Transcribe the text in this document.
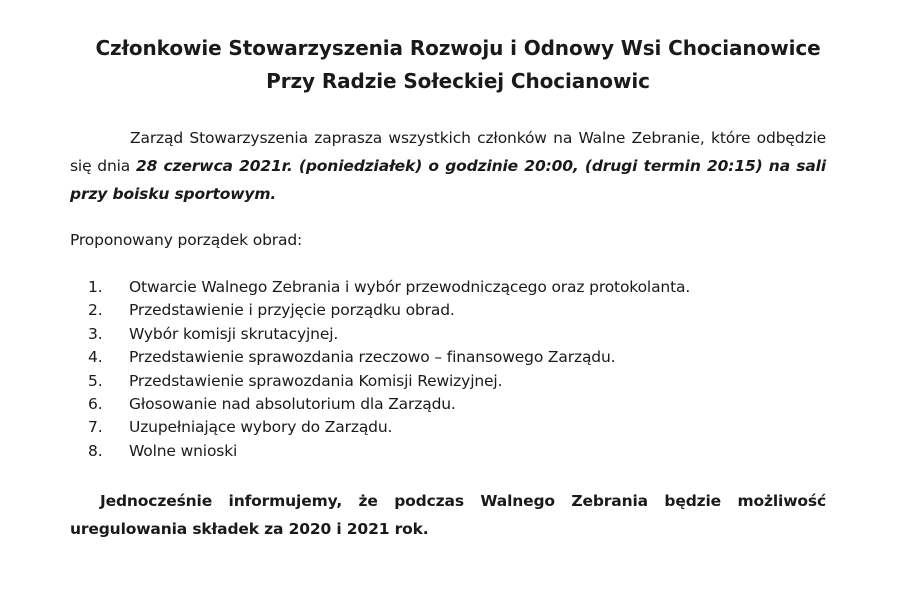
Członkowie Stowarzyszenia Rozwoju i Odnowy Wsi Chocianowice
Przy Radzie Sołeckiej Chocianowic

Zarząd Stowarzyszenia zaprasza wszystkich członków na Walne Zebranie, które odbędzie się dnia 28 czerwca 2021r. (poniedziałek) o godzinie 20:00, (drugi termin 20:15) na sali przy boisku sportowym.

Proponowany porządek obrad:
1.	Otwarcie Walnego Zebrania i wybór przewodniczącego oraz protokolanta.
2.	Przedstawienie i przyjęcie porządku obrad.
3.	Wybór komisji skrutacyjnej.
4.	Przedstawienie sprawozdania rzeczowo – finansowego Zarządu.
5.	Przedstawienie sprawozdania Komisji Rewizyjnej.
6.	Głosowanie nad absolutorium dla Zarządu.
7.	Uzupełniające wybory do Zarządu.
8.	Wolne wnioski

Jednocześnie informujemy, że podczas Walnego Zebrania będzie możliwość uregulowania składek za 2020 i 2021 rok.
